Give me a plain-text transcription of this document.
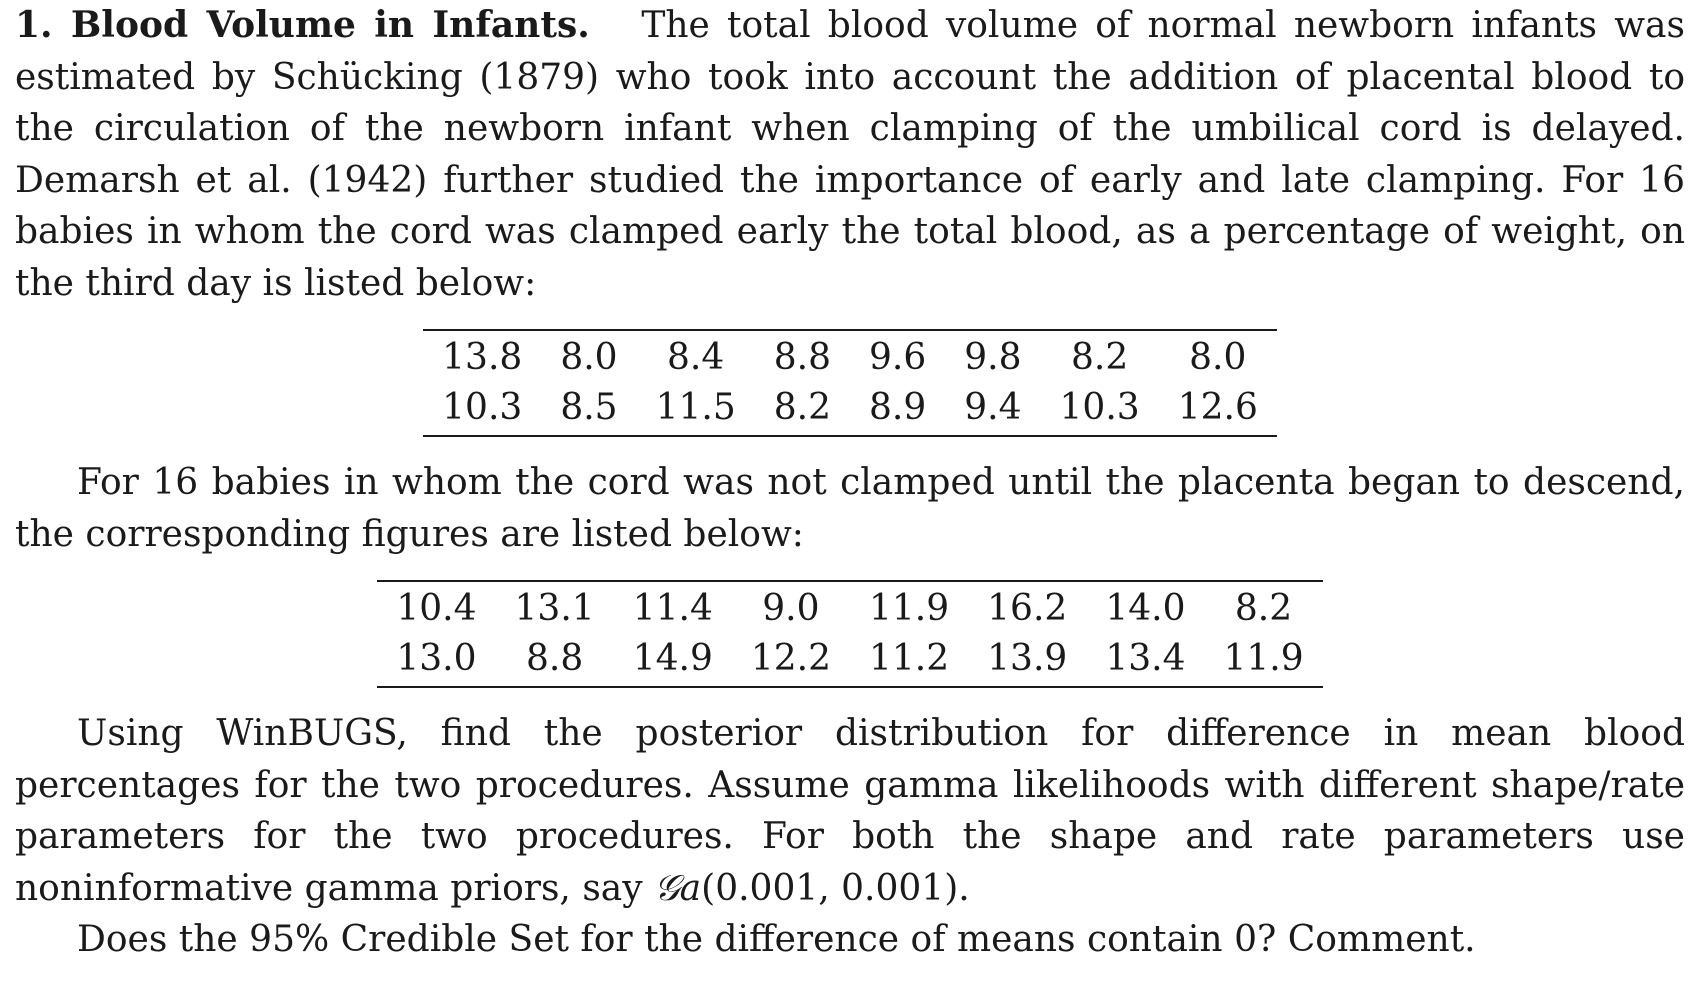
1. Blood Volume in Infants. The total blood volume of normal newborn infants was estimated by Schücking (1879) who took into account the addition of placental blood to the circulation of the newborn infant when clamping of the umbilical cord is delayed. Demarsh et al. (1942) further studied the importance of early and late clamping. For 16 babies in whom the cord was clamped early the total blood, as a percentage of weight, on the third day is listed below:

13.8	8.0	8.4	8.8	9.6	9.8	8.2	8.0
10.3	8.5	11.5	8.2	8.9	9.4	10.3	12.6

For 16 babies in whom the cord was not clamped until the placenta began to descend, the corresponding figures are listed below:

10.4	13.1	11.4	9.0	11.9	16.2	14.0	8.2
13.0	8.8	14.9	12.2	11.2	13.9	13.4	11.9

Using WinBUGS, find the posterior distribution for difference in mean blood percentages for the two procedures. Assume gamma likelihoods with different shape/rate parameters for the two procedures. For both the shape and rate parameters use noninformative gamma priors, say 𝒢a(0.001, 0.001).

Does the 95% Credible Set for the difference of means contain 0? Comment.
